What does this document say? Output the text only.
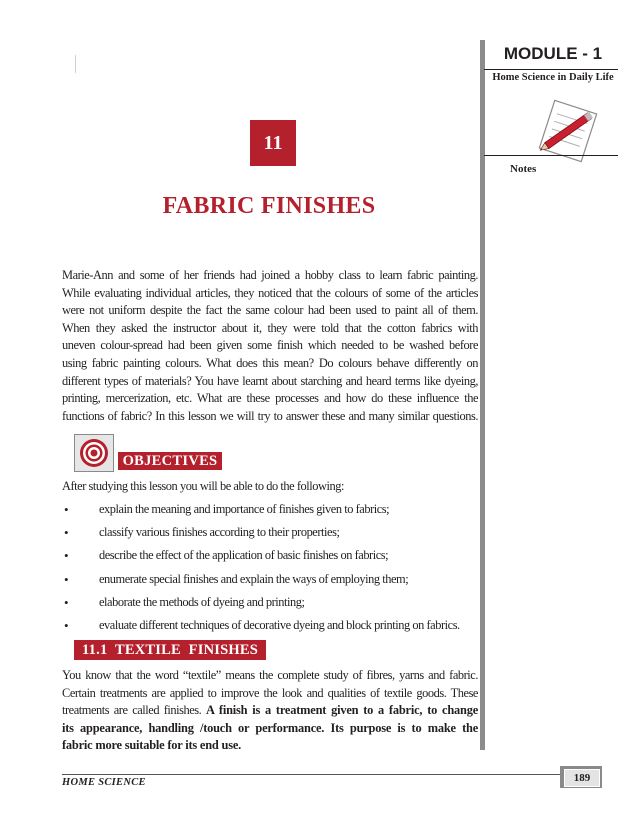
MODULE - 1
Home Science in Daily Life
Notes
11
FABRIC FINISHES
Marie-Ann and some of her friends had joined a hobby class to learn fabric painting.
While evaluating individual articles, they noticed that the colours of some of the articles
were not uniform despite the fact the same colour had been used to paint all of them.
When they asked the instructor about it, they were told that the cotton fabrics with
uneven colour-spread had been given some finish which needed to be washed before
using fabric painting colours. What does this mean? Do colours behave differently on
different types of materials? You have learnt about starching and heard terms like dyeing,
printing, mercerization, etc. What are these processes and how do these influence the
functions of fabric? In this lesson we will try to answer these and many similar questions.
OBJECTIVES
After studying this lesson you will be able to do the following:
• explain the meaning and importance of finishes given to fabrics;
• classify various finishes according to their properties;
• describe the effect of the application of basic finishes on fabrics;
• enumerate special finishes and explain the ways of employing them;
• elaborate the methods of dyeing and printing;
• evaluate different techniques of decorative dyeing and block printing on fabrics.
11.1 TEXTILE FINISHES
You know that the word “textile” means the complete study of fibres, yarns and fabric.
Certain treatments are applied to improve the look and qualities of textile goods. These
treatments are called finishes. A finish is a treatment given to a fabric, to change
its appearance, handling /touch or performance. Its purpose is to make the
fabric more suitable for its end use.
HOME SCIENCE	189
